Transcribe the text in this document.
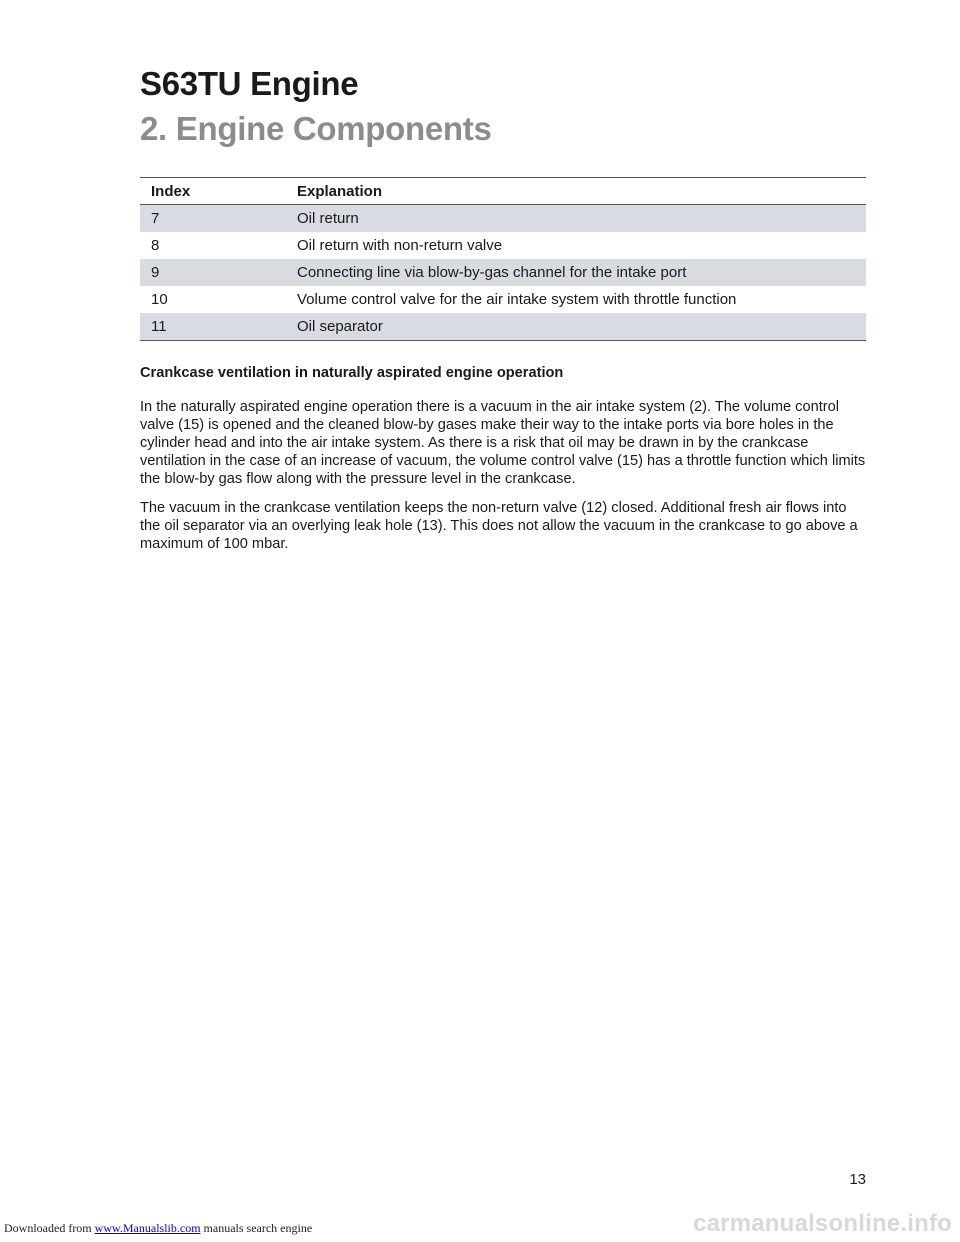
S63TU Engine
2. Engine Components
Index	Explanation
7	Oil return
8	Oil return with non-return valve
9	Connecting line via blow-by-gas channel for the intake port
10	Volume control valve for the air intake system with throttle function
11	Oil separator
Crankcase ventilation in naturally aspirated engine operation

In the naturally aspirated engine operation there is a vacuum in the air intake system (2). The volume control valve (15) is opened and the cleaned blow-by gases make their way to the intake ports via bore holes in the cylinder head and into the air intake system. As there is a risk that oil may be drawn in by the crankcase ventilation in the case of an increase of vacuum, the volume control valve (15) has a throttle function which limits the blow-by gas flow along with the pressure level in the crankcase.

The vacuum in the crankcase ventilation keeps the non-return valve (12) closed. Additional fresh air flows into the oil separator via an overlying leak hole (13). This does not allow the vacuum in the crankcase to go above a maximum of 100 mbar.

13
Downloaded from www.Manualslib.com manuals search engine	carmanualsonline.info
